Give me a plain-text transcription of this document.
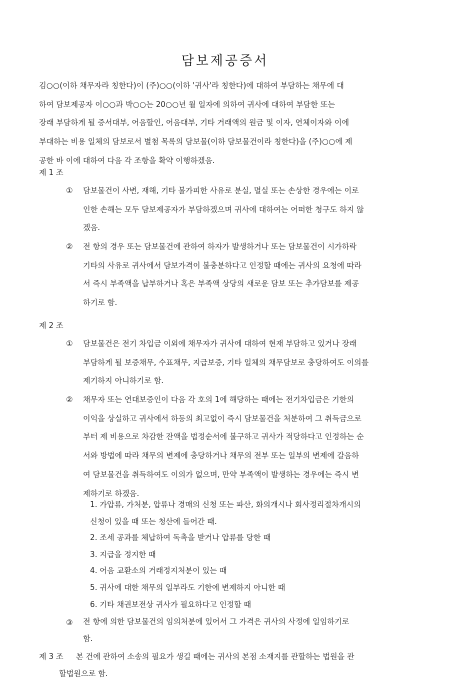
담보제공증서
김○○(이하 채무자라 칭한다)이 (주)○○(이하 '귀사'라 칭한다)에 대하여 부담하는 채무에 대
하여 담보제공자 이○○과 박○○는 20○○년 월 일자에 의하여 귀사에 대하여 부담한 또는
장래 부담하게 될 증서대부, 어음할인, 어음대부, 기타 거래액의 원금 및 이자, 연체이자와 이에
부대하는 비용 일체의 담보로서 별첨 목록의 담보물(이하 담보물건이라 칭한다)을 (주)○○에 제
공한 바 이에 대하여 다음 각 조항을 확약 이행하겠음.
제 1 조
① 담보물건이 사변, 재해, 기타 불가피한 사유로 분실, 멸실 또는 손상한 경우에는 이로
인한 손해는 모두 담보제공자가 부담하겠으며 귀사에 대하여는 어떠한 청구도 하지 않
겠음.
② 전 항의 경우 또는 담보물건에 관하여 하자가 발생하거나 또는 담보물건이 시가하락
기타의 사유로 귀사에서 담보가격이 불충분하다고 인정할 때에는 귀사의 요청에 따라
서 즉시 부족액을 납부하거나 혹은 부족액 상당의 새로운 담보 또는 추가담보를 제공
하기로 함.
제 2 조
① 담보물건은 전기 차입금 이외에 채무자가 귀사에 대하여 현재 부담하고 있거나 장래
부담하게 될 보증채무, 수표채무, 지급보증, 기타 일체의 채무담보로 충당하여도 이의를
제기하지 아니하기로 함.
② 채무자 또는 연대보증인이 다음 각 호의 1에 해당하는 때에는 전기차입금은 기한의
이익을 상실하고 귀사에서 하등의 최고없이 즉시 담보물건을 처분하여 그 취득금으로
부터 제 비용으로 차감한 잔액을 법정순서에 불구하고 귀사가 적당하다고 인정하는 순
서와 방법에 따라 채무의 변제에 충당하거나 채무의 전부 또는 일부의 변제에 갈음하
여 담보물건을 취득하여도 이의가 없으며, 만약 부족액이 발생하는 경우에는 즉시 변
제하기로 하겠음.
③
제 3 조
1. 가압류, 가처분, 압류나 경매의 신청 또는 파산, 화의개시나 회사정리절차개시의
신청이 있을 때 또는 청산에 들어간 때.
2. 조세 공과를 체납하여 독촉을 받거나 압류를 당한 때
3. 지급을 정지한 때
4. 어음 교환소의 거래정지처분이 있는 때
5. 귀사에 대한 채무의 일부라도 기한에 변제하지 아니한 때
6. 기타 채권보전상 귀사가 필요하다고 인정할 때
전 항에 의한 담보물건의 임의처분에 있어서 그 가격은 귀사의 사정에 일임하기로
함.
본 건에 관하여 소송의 필요가 생길 때에는 귀사의 본점 소재지를 관할하는 법원을 관
할법원으로 함.
